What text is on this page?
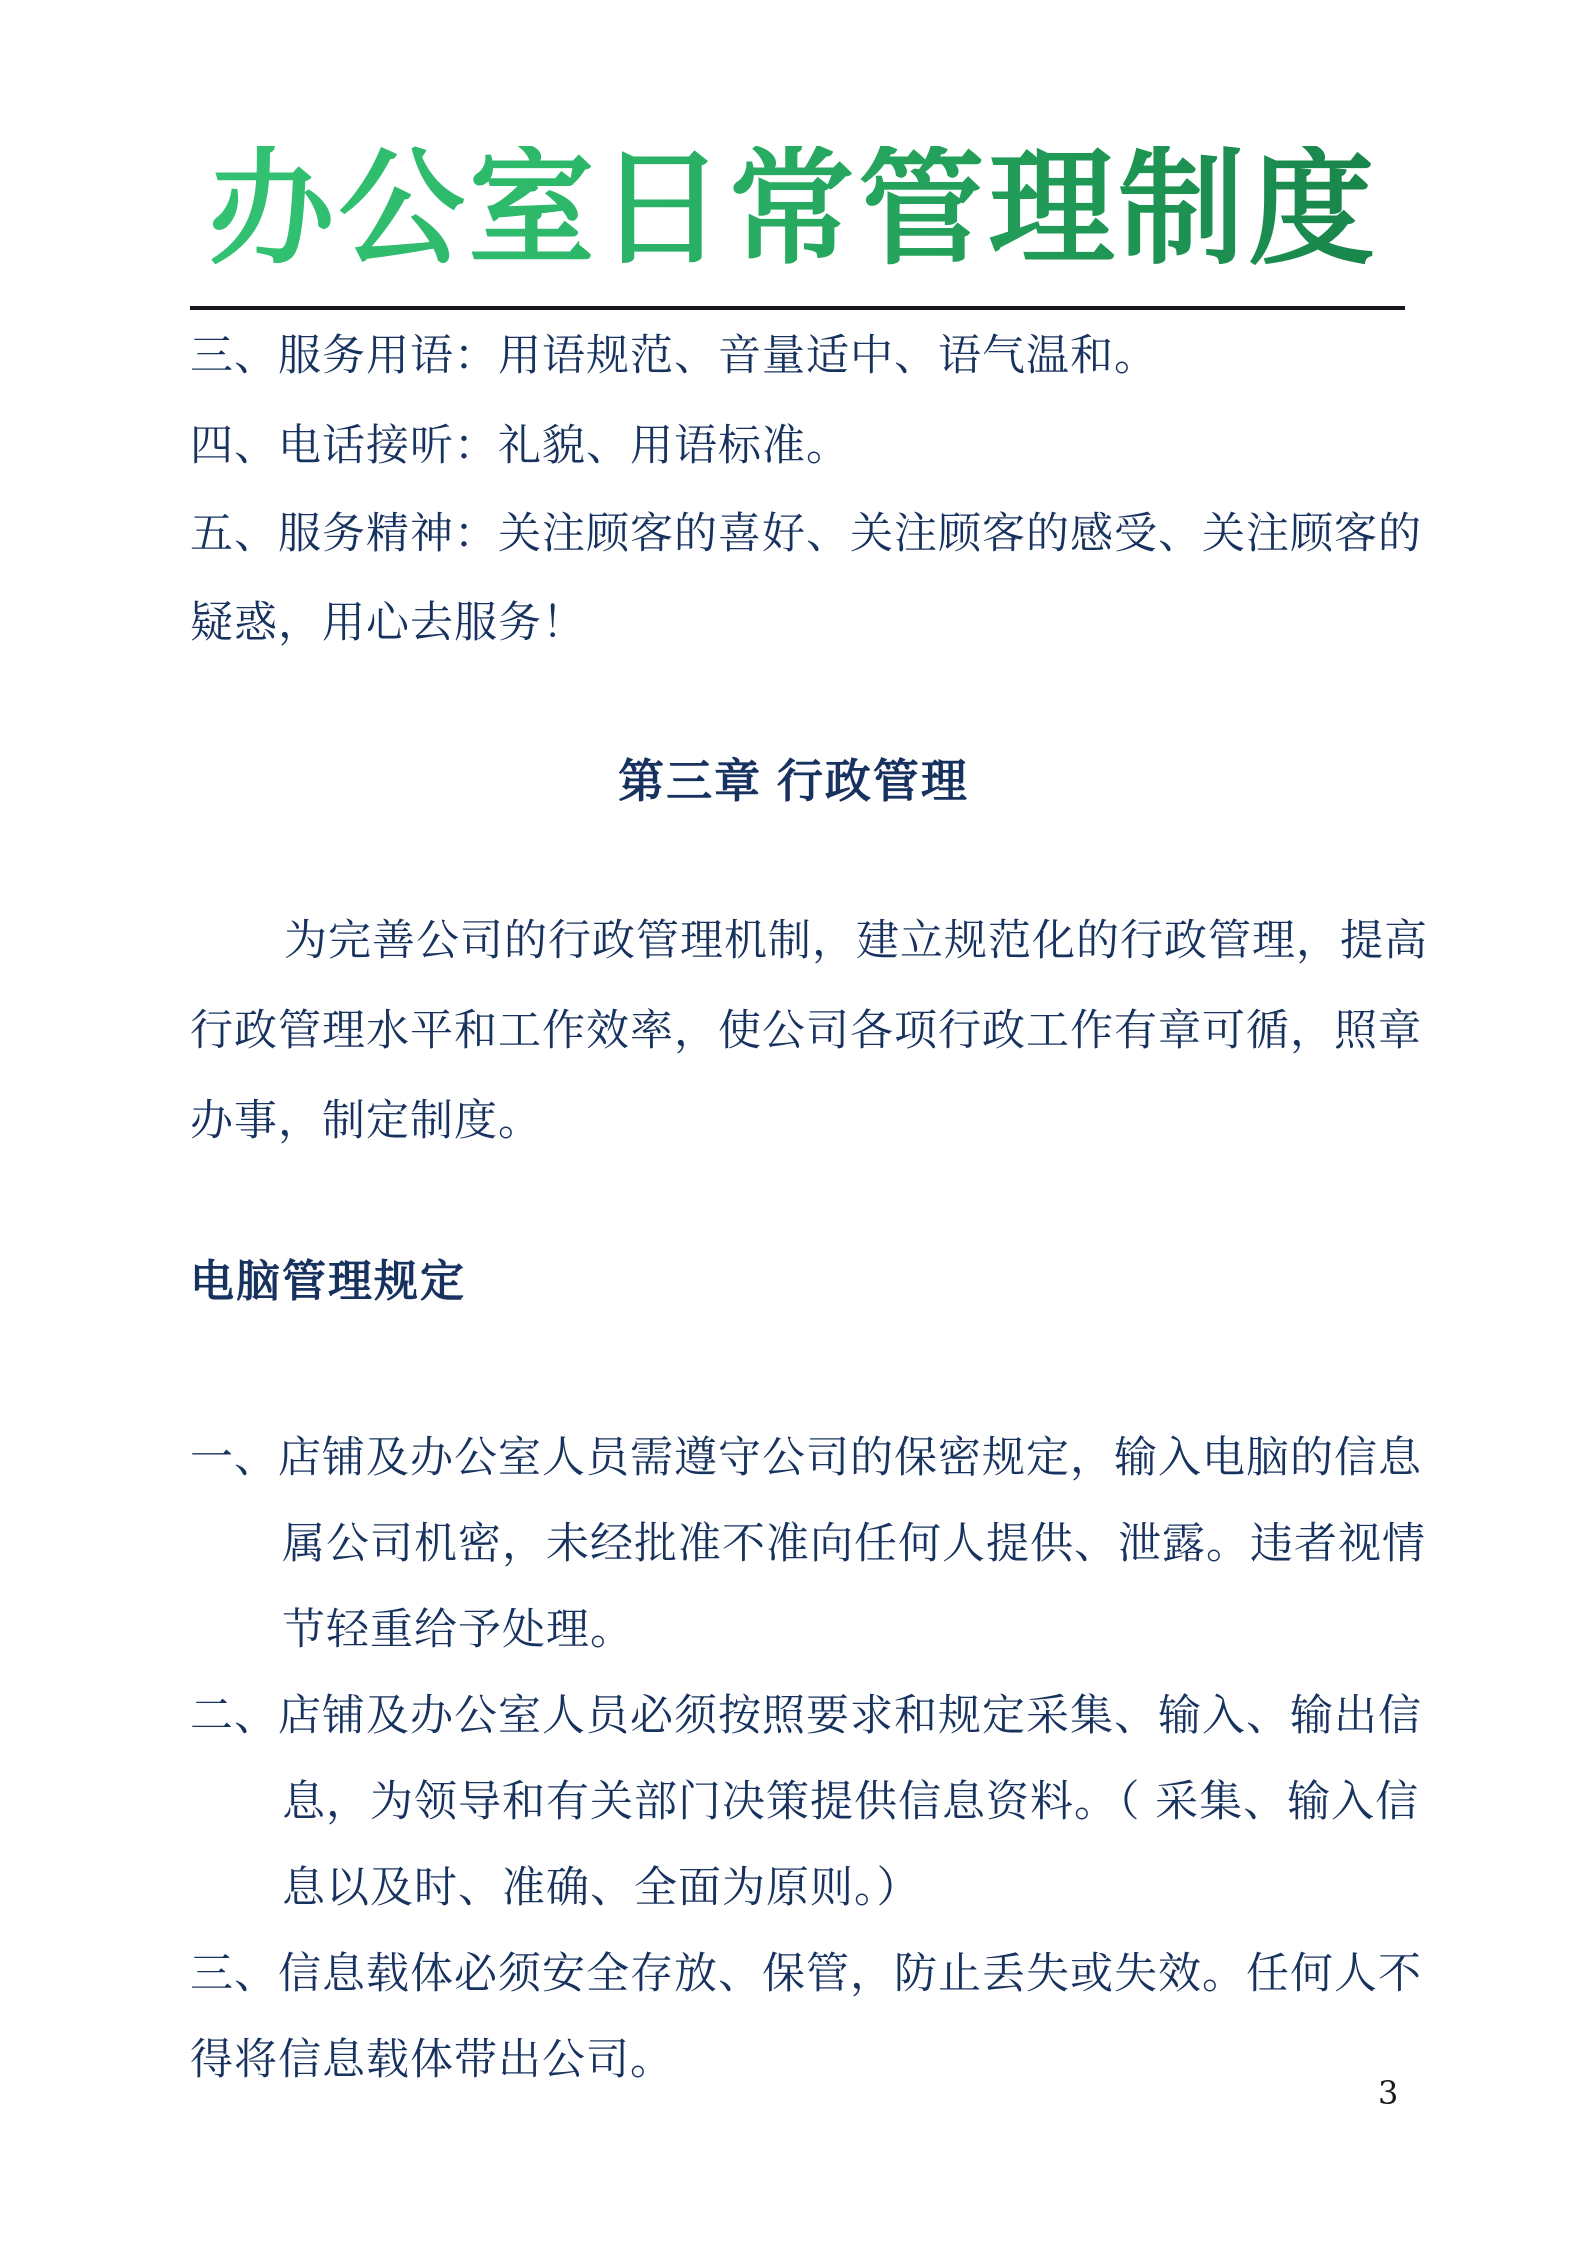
办公室日常管理制度
三、服务用语：用语规范、音量适中、语气温和。
四、电话接听：礼貌、用语标准。
五、服务精神：关注顾客的喜好、关注顾客的感受、关注顾客的
疑惑，用心去服务！
第三章 行政管理
为完善公司的行政管理机制，建立规范化的行政管理，提高
行政管理水平和工作效率，使公司各项行政工作有章可循，照章
办事，制定制度。
电脑管理规定
一、店铺及办公室人员需遵守公司的保密规定，输入电脑的信息
属公司机密，未经批准不准向任何人提供、泄露。违者视情
节轻重给予处理。
二、店铺及办公室人员必须按照要求和规定采集、输入、输出信
息，为领导和有关部门决策提供信息资料。（ 采集、输入信
息以及时、准确、全面为原则。）
三、信息载体必须安全存放、保管，防止丢失或失效。任何人不
得将信息载体带出公司。
3
